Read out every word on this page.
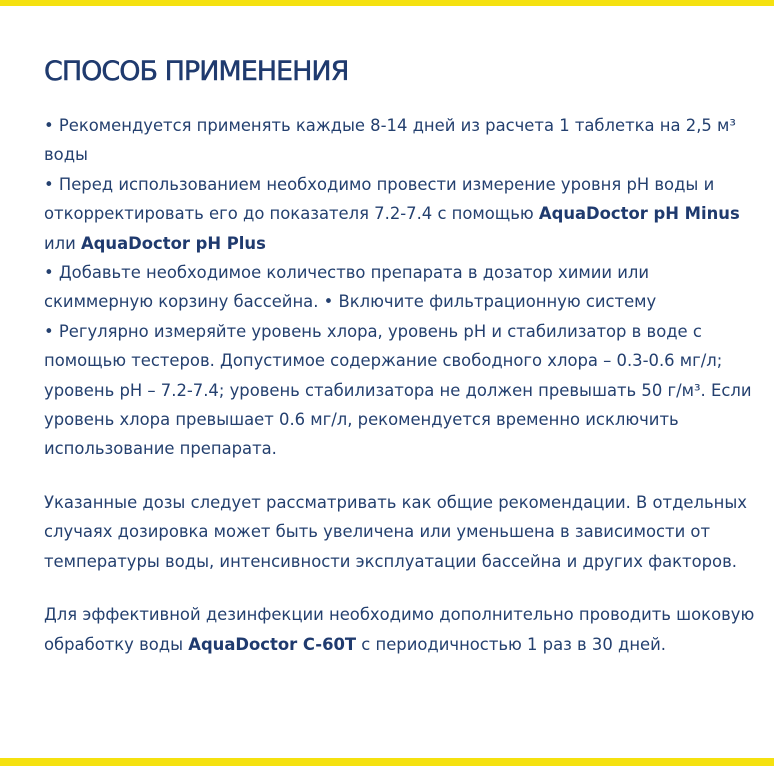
СПОСОБ ПРИМЕНЕНИЯ

• Рекомендуется применять каждые 8-14 дней из расчета 1 таблетка на 2,5 м³ воды

• Перед использованием необходимо провести измерение уровня pH воды и откорректировать его до показателя 7.2-7.4 с помощью AquaDoctor pH Minus или AquaDoctor pH Plus

• Добавьте необходимое количество препарата в дозатор химии или скиммерную корзину бассейна. • Включите фильтрационную систему

• Регулярно измеряйте уровень хлора, уровень pH и стабилизатор в воде с помощью тестеров. Допустимое содержание свободного хлора – 0.3-0.6 мг/л; уровень pH – 7.2-7.4; уровень стабилизатора не должен превышать 50 г/м³. Если уровень хлора превышает 0.6 мг/л, рекомендуется временно исключить использование препарата.

Указанные дозы следует рассматривать как общие рекомендации. В отдельных случаях дозировка может быть увеличена или уменьшена в зависимости от температуры воды, интенсивности эксплуатации бассейна и других факторов.

Для эффективной дезинфекции необходимо дополнительно проводить шоковую обработку воды AquaDoctor C-60T с периодичностью 1 раз в 30 дней.
